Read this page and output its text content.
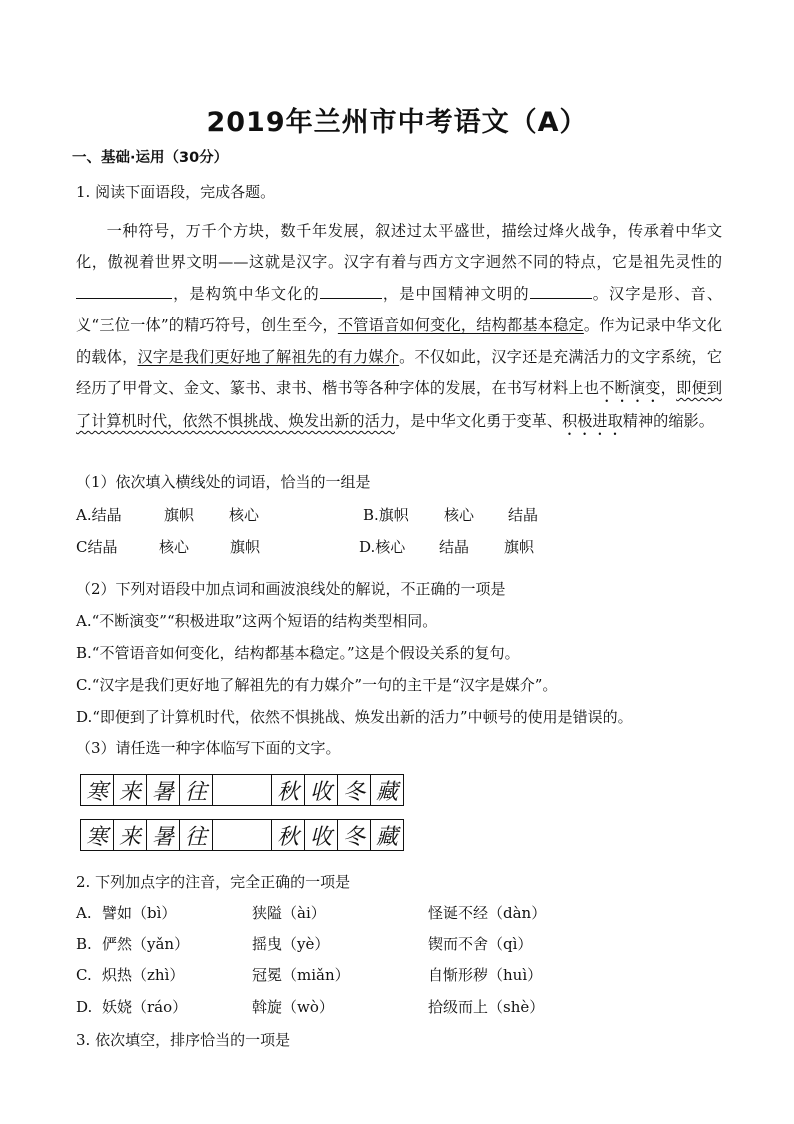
2019年兰州市中考语文（A）
一、基础·运用（30分）
1. 阅读下面语段，完成各题。
一种符号，万千个方块，数千年发展，叙述过太平盛世，描绘过烽火战争，传承着中华文化，傲视着世界文明——这就是汉字。汉字有着与西方文字迥然不同的特点，它是祖先灵性的，是构筑中华文化的	，是中国精神文明的	。汉字是形、音、义“三位一体”的精巧符号，创生至今，不管语音如何变化，结构都基本稳定。作为记录中华文化的载体，汉字是我们更好地了解祖先的有力媒介。不仅如此，汉字还是充满活力的文字系统，它经历了甲骨文、金文、篆书、隶书、楷书等各种字体的发展，在书写材料上也不断演变，即便到了计算机时代，依然不惧挑战、焕发出新的活力，是中华文化勇于变革、积极进取精神的缩影。
（1）依次填入横线处的词语，恰当的一组是
A.结晶	旗帜 核心	B.旗帜 核心 结晶
C结晶	核心	旗帜	D.核心 结晶 旗帜
（2）下列对语段中加点词和画波浪线处的解说，不正确的一项是
A.“不断演变”“积极进取”这两个短语的结构类型相同。
B.“不管语音如何变化，结构都基本稳定。”这是个假设关系的复句。
C.“汉字是我们更好地了解祖先的有力媒介”一句的主干是“汉字是媒介”。
D.“即便到了计算机时代，依然不惧挑战、焕发出新的活力”中顿号的使用是错误的。
（3）请任选一种字体临写下面的文字。
寒 来 暑 往	秋 收 冬 藏
寒 来 暑 往	秋 收 冬 藏
2. 下列加点字的注音，完全正确的一项是
A. 譬如（bì）	狭隘（ài）	怪诞不经（dàn）
B. 俨然（yǎn）	摇曳（yè）	锲而不舍（qì）
C. 炽热（zhì）	冠冕（miǎn）	自惭形秽（huì）
D. 妖娆（ráo）	斡旋（wò）	拾级而上（shè）
3. 依次填空，排序恰当的一项是
